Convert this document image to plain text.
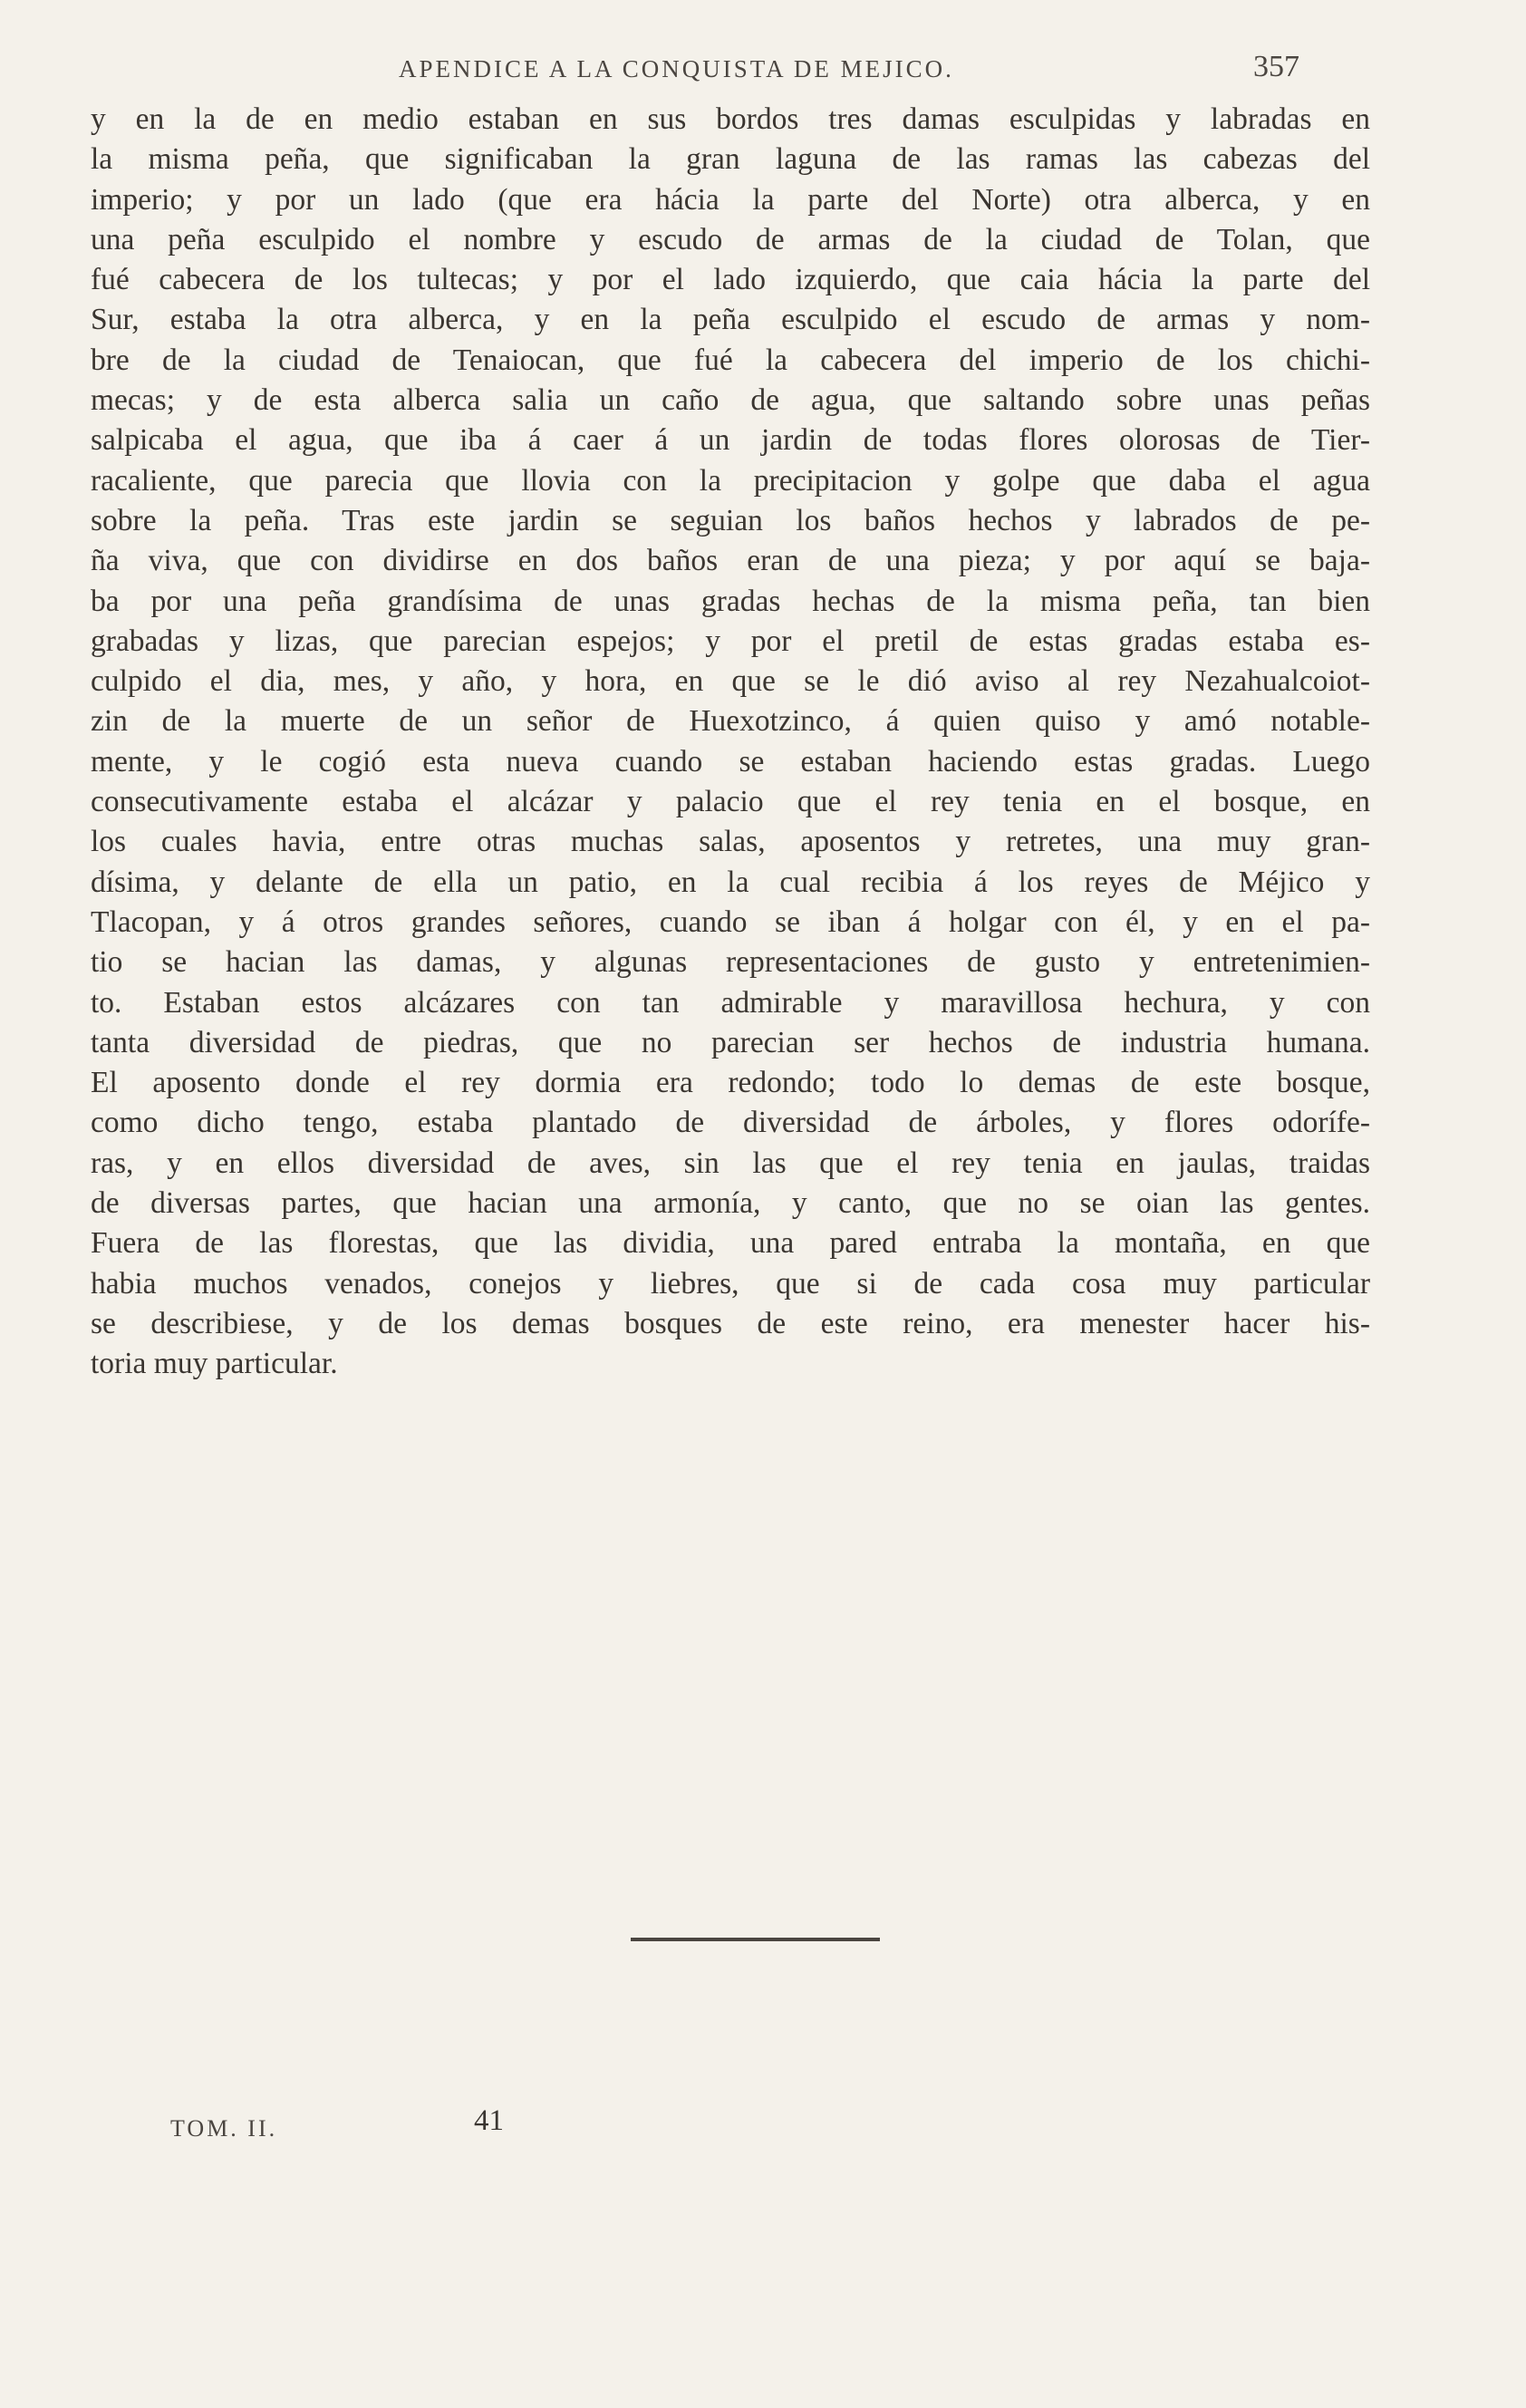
APENDICE A LA CONQUISTA DE MEJICO.	357
y en la de en medio estaban en sus bordos tres damas esculpidas y labradas en
la misma peña, que significaban la gran laguna de las ramas las cabezas del
imperio; y por un lado (que era hácia la parte del Norte) otra alberca, y en
una peña esculpido el nombre y escudo de armas de la ciudad de Tolan, que
fué cabecera de los tultecas; y por el lado izquierdo, que caia hácia la parte del
Sur, estaba la otra alberca, y en la peña esculpido el escudo de armas y nom-
bre de la ciudad de Tenaiocan, que fué la cabecera del imperio de los chichi-
mecas; y de esta alberca salia un caño de agua, que saltando sobre unas peñas
salpicaba el agua, que iba á caer á un jardin de todas flores olorosas de Tier-
racaliente, que parecia que llovia con la precipitacion y golpe que daba el agua
sobre la peña. Tras este jardin se seguian los baños hechos y labrados de pe-
ña viva, que con dividirse en dos baños eran de una pieza; y por aquí se baja-
ba por una peña grandísima de unas gradas hechas de la misma peña, tan bien
grabadas y lizas, que parecian espejos; y por el pretil de estas gradas estaba es-
culpido el dia, mes, y año, y hora, en que se le dió aviso al rey Nezahualcoiot-
zin de la muerte de un señor de Huexotzinco, á quien quiso y amó notable-
mente, y le cogió esta nueva cuando se estaban haciendo estas gradas. Luego
consecutivamente estaba el alcázar y palacio que el rey tenia en el bosque, en
los cuales havia, entre otras muchas salas, aposentos y retretes, una muy gran-
dísima, y delante de ella un patio, en la cual recibia á los reyes de Méjico y
Tlacopan, y á otros grandes señores, cuando se iban á holgar con él, y en el pa-
tio se hacian las damas, y algunas representaciones de gusto y entretenimien-
to. Estaban estos alcázares con tan admirable y maravillosa hechura, y con
tanta diversidad de piedras, que no parecian ser hechos de industria humana.
El aposento donde el rey dormia era redondo; todo lo demas de este bosque,
como dicho tengo, estaba plantado de diversidad de árboles, y flores odorífe-
ras, y en ellos diversidad de aves, sin las que el rey tenia en jaulas, traidas
de diversas partes, que hacian una armonía, y canto, que no se oian las gentes.
Fuera de las florestas, que las dividia, una pared entraba la montaña, en que
habia muchos venados, conejos y liebres, que si de cada cosa muy particular
se describiese, y de los demas bosques de este reino, era menester hacer his-
toria muy particular.
TOM. II.	41
